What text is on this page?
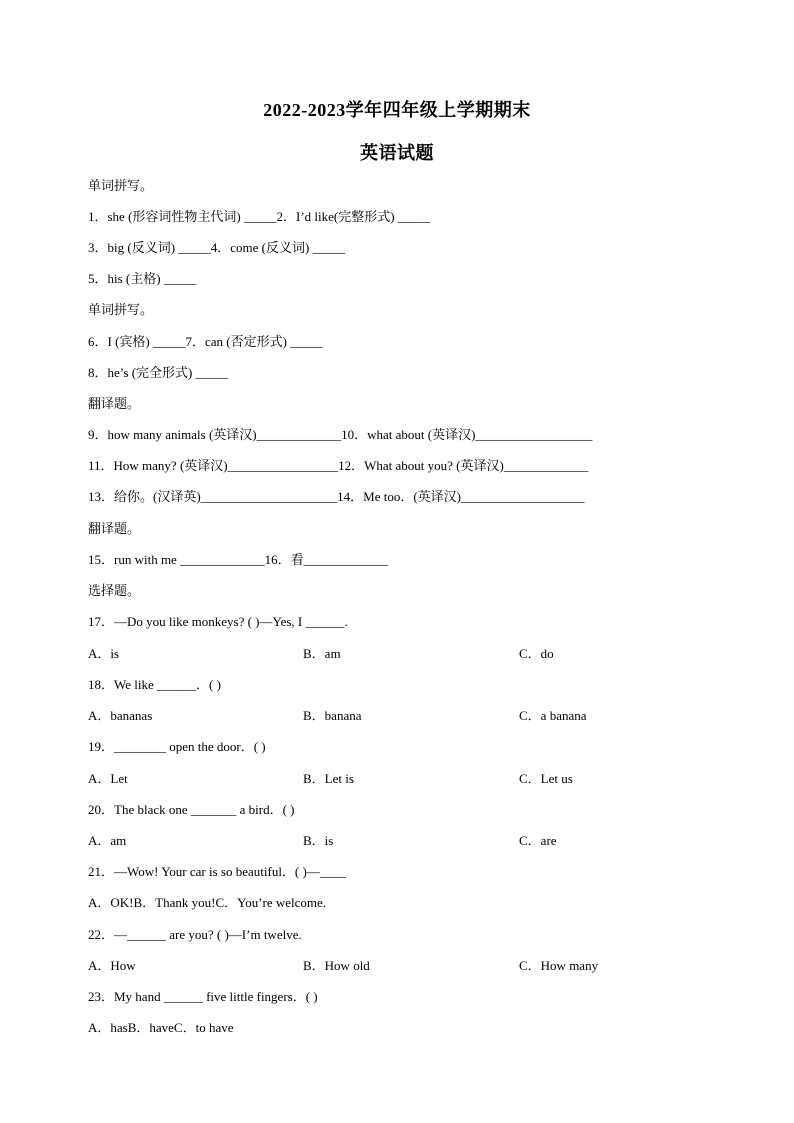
2022-2023学年四年级上学期期末
英语试题
单词拼写。
1．she (形容词性物主代词) _____2．I’d like(完整形式) _____
3．big (反义词) _____4．come (反义词) _____
5．his (主格) _____
单词拼写。
6．I (宾格) _____7．can (否定形式) _____
8．he’s (完全形式) _____
翻译题。
9．how many animals (英译汉)_____________10．what about (英译汉)__________________
11．How many? (英译汉)_________________12．What about you? (英译汉)_____________
13．给你。(汉译英)_____________________14．Me too．(英译汉)___________________
翻译题。
15．run with me _____________16．看_____________
选择题。
17．—Do you like monkeys? ( )—Yes, I ______.
A．is	B．am	C．do
18．We like ______．( )
A．bananas	B．banana	C．a banana
19．________ open the door．( )
A．Let	B．Let is	C．Let us
20．The black one _______ a bird．( )
A．am	B．is	C．are
21．—Wow! Your car is so beautiful．( )—____
A．OK!B．Thank you!C．You’re welcome.
22．—______ are you? ( )—I’m twelve.
A．How	B．How old	C．How many
23．My hand ______ five little fingers．( )
A．hasB．haveC．to have
